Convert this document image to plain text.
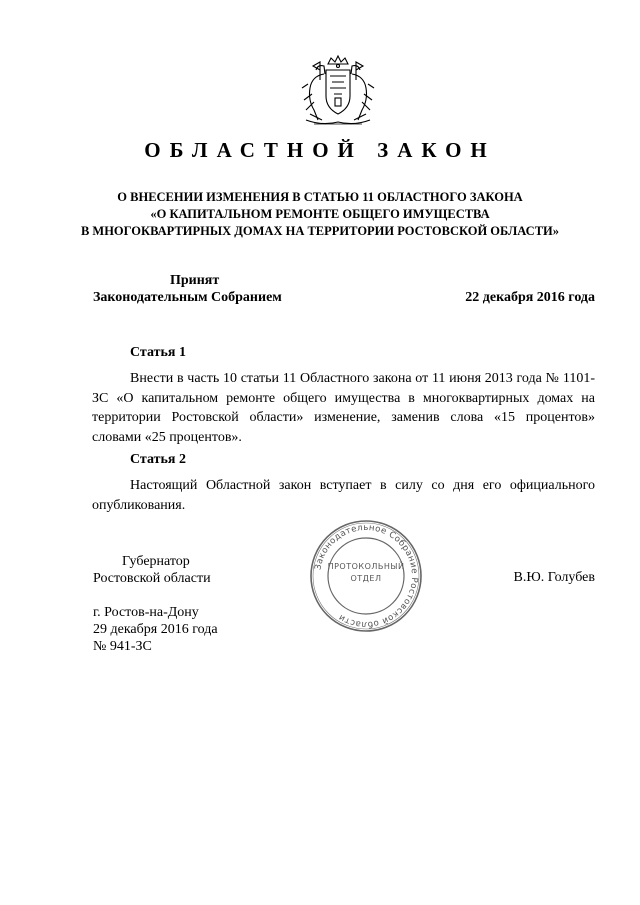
ОБЛАСТНОЙ ЗАКОН
О ВНЕСЕНИИ ИЗМЕНЕНИЯ В СТАТЬЮ 11 ОБЛАСТНОГО ЗАКОНА
«О КАПИТАЛЬНОМ РЕМОНТЕ ОБЩЕГО ИМУЩЕСТВА
В МНОГОКВАРТИРНЫХ ДОМАХ НА ТЕРРИТОРИИ РОСТОВСКОЙ ОБЛАСТИ»
Принят
Законодательным Собранием	22 декабря 2016 года
Статья 1
Внести в часть 10 статьи 11 Областного закона от 11 июня 2013 года № 1101-ЗС «О капитальном ремонте общего имущества в многоквартирных домах на территории Ростовской области» изменение, заменив слова «15 процентов» словами «25 процентов».
Статья 2
Настоящий Областной закон вступает в силу со дня его официального опубликования.
Губернатор
Ростовской области	В.Ю. Голубев
Законодательное Собрание Ростовской области
ПРОТОКОЛЬНЫЙ
ОТДЕЛ
г. Ростов-на-Дону
29 декабря 2016 года
№ 941-ЗС
